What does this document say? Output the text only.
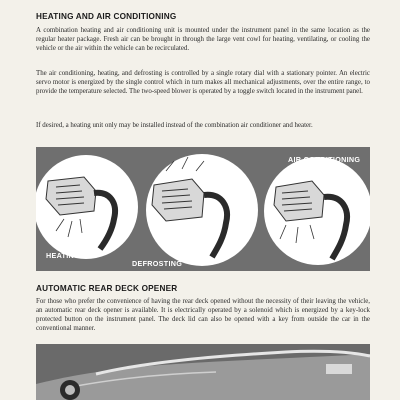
HEATING AND AIR CONDITIONING

A combination heating and air conditioning unit is mounted under the instrument panel in the same location as the regular heater package. Fresh air can be brought in through the large vent cowl for heating, ventilating, or cooling the vehicle or the air within the vehicle can be recirculated.

The air conditioning, heating, and defrosting is controlled by a single rotary dial with a stationary pointer. An electric servo motor is energized by the single control which in turn makes all mechanical adjustments, over the entire range, to provide the temperature selected. The two-speed blower is operated by a toggle switch located in the instrument panel.

If desired, a heating unit only may be installed instead of the combination air conditioner and heater.

HEATING
DEFROSTING
AIR CONDITIONING
AUTOMATIC REAR DECK OPENER

For those who prefer the convenience of having the rear deck opened without the necessity of their leaving the vehicle, an automatic rear deck opener is available. It is electrically operated by a solenoid which is energized by a key-lock protected button on the instrument panel. The deck lid can also be opened with a key from outside the car in the conventional manner.
